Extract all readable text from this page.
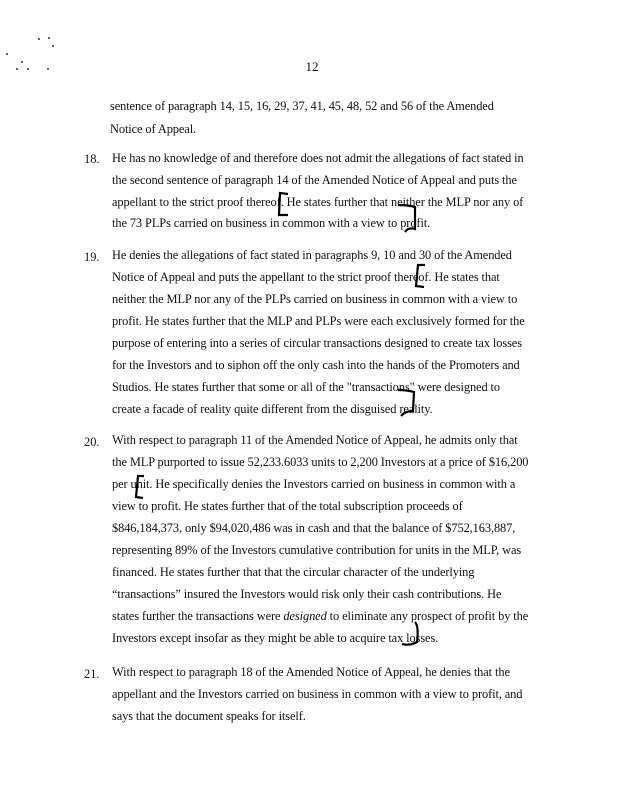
12
sentence of paragraph 14, 15, 16, 29, 37, 41, 45, 48, 52 and 56 of the Amended
Notice of Appeal.
18. He has no knowledge of and therefore does not admit the allegations of fact stated in
the second sentence of paragraph 14 of the Amended Notice of Appeal and puts the
appellant to the strict proof thereof. He states further that neither the MLP nor any of
the 73 PLPs carried on business in common with a view to profit.
19. He denies the allegations of fact stated in paragraphs 9, 10 and 30 of the Amended
Notice of Appeal and puts the appellant to the strict proof thereof. He states that
neither the MLP nor any of the PLPs carried on business in common with a view to
profit. He states further that the MLP and PLPs were each exclusively formed for the
purpose of entering into a series of circular transactions designed to create tax losses
for the Investors and to siphon off the only cash into the hands of the Promoters and
Studios. He states further that some or all of the "transactions" were designed to
create a facade of reality quite different from the disguised reality.
20. With respect to paragraph 11 of the Amended Notice of Appeal, he admits only that
the MLP purported to issue 52,233.6033 units to 2,200 Investors at a price of $16,200
per unit. He specifically denies the Investors carried on business in common with a
view to profit. He states further that of the total subscription proceeds of
$846,184,373, only $94,020,486 was in cash and that the balance of $752,163,887,
representing 89% of the Investors cumulative contribution for units in the MLP, was
financed. He states further that that the circular character of the underlying
“transactions” insured the Investors would risk only their cash contributions. He
states further the transactions were designed to eliminate any prospect of profit by the
Investors except insofar as they might be able to acquire tax losses.
21. With respect to paragraph 18 of the Amended Notice of Appeal, he denies that the
appellant and the Investors carried on business in common with a view to profit, and
says that the document speaks for itself.
